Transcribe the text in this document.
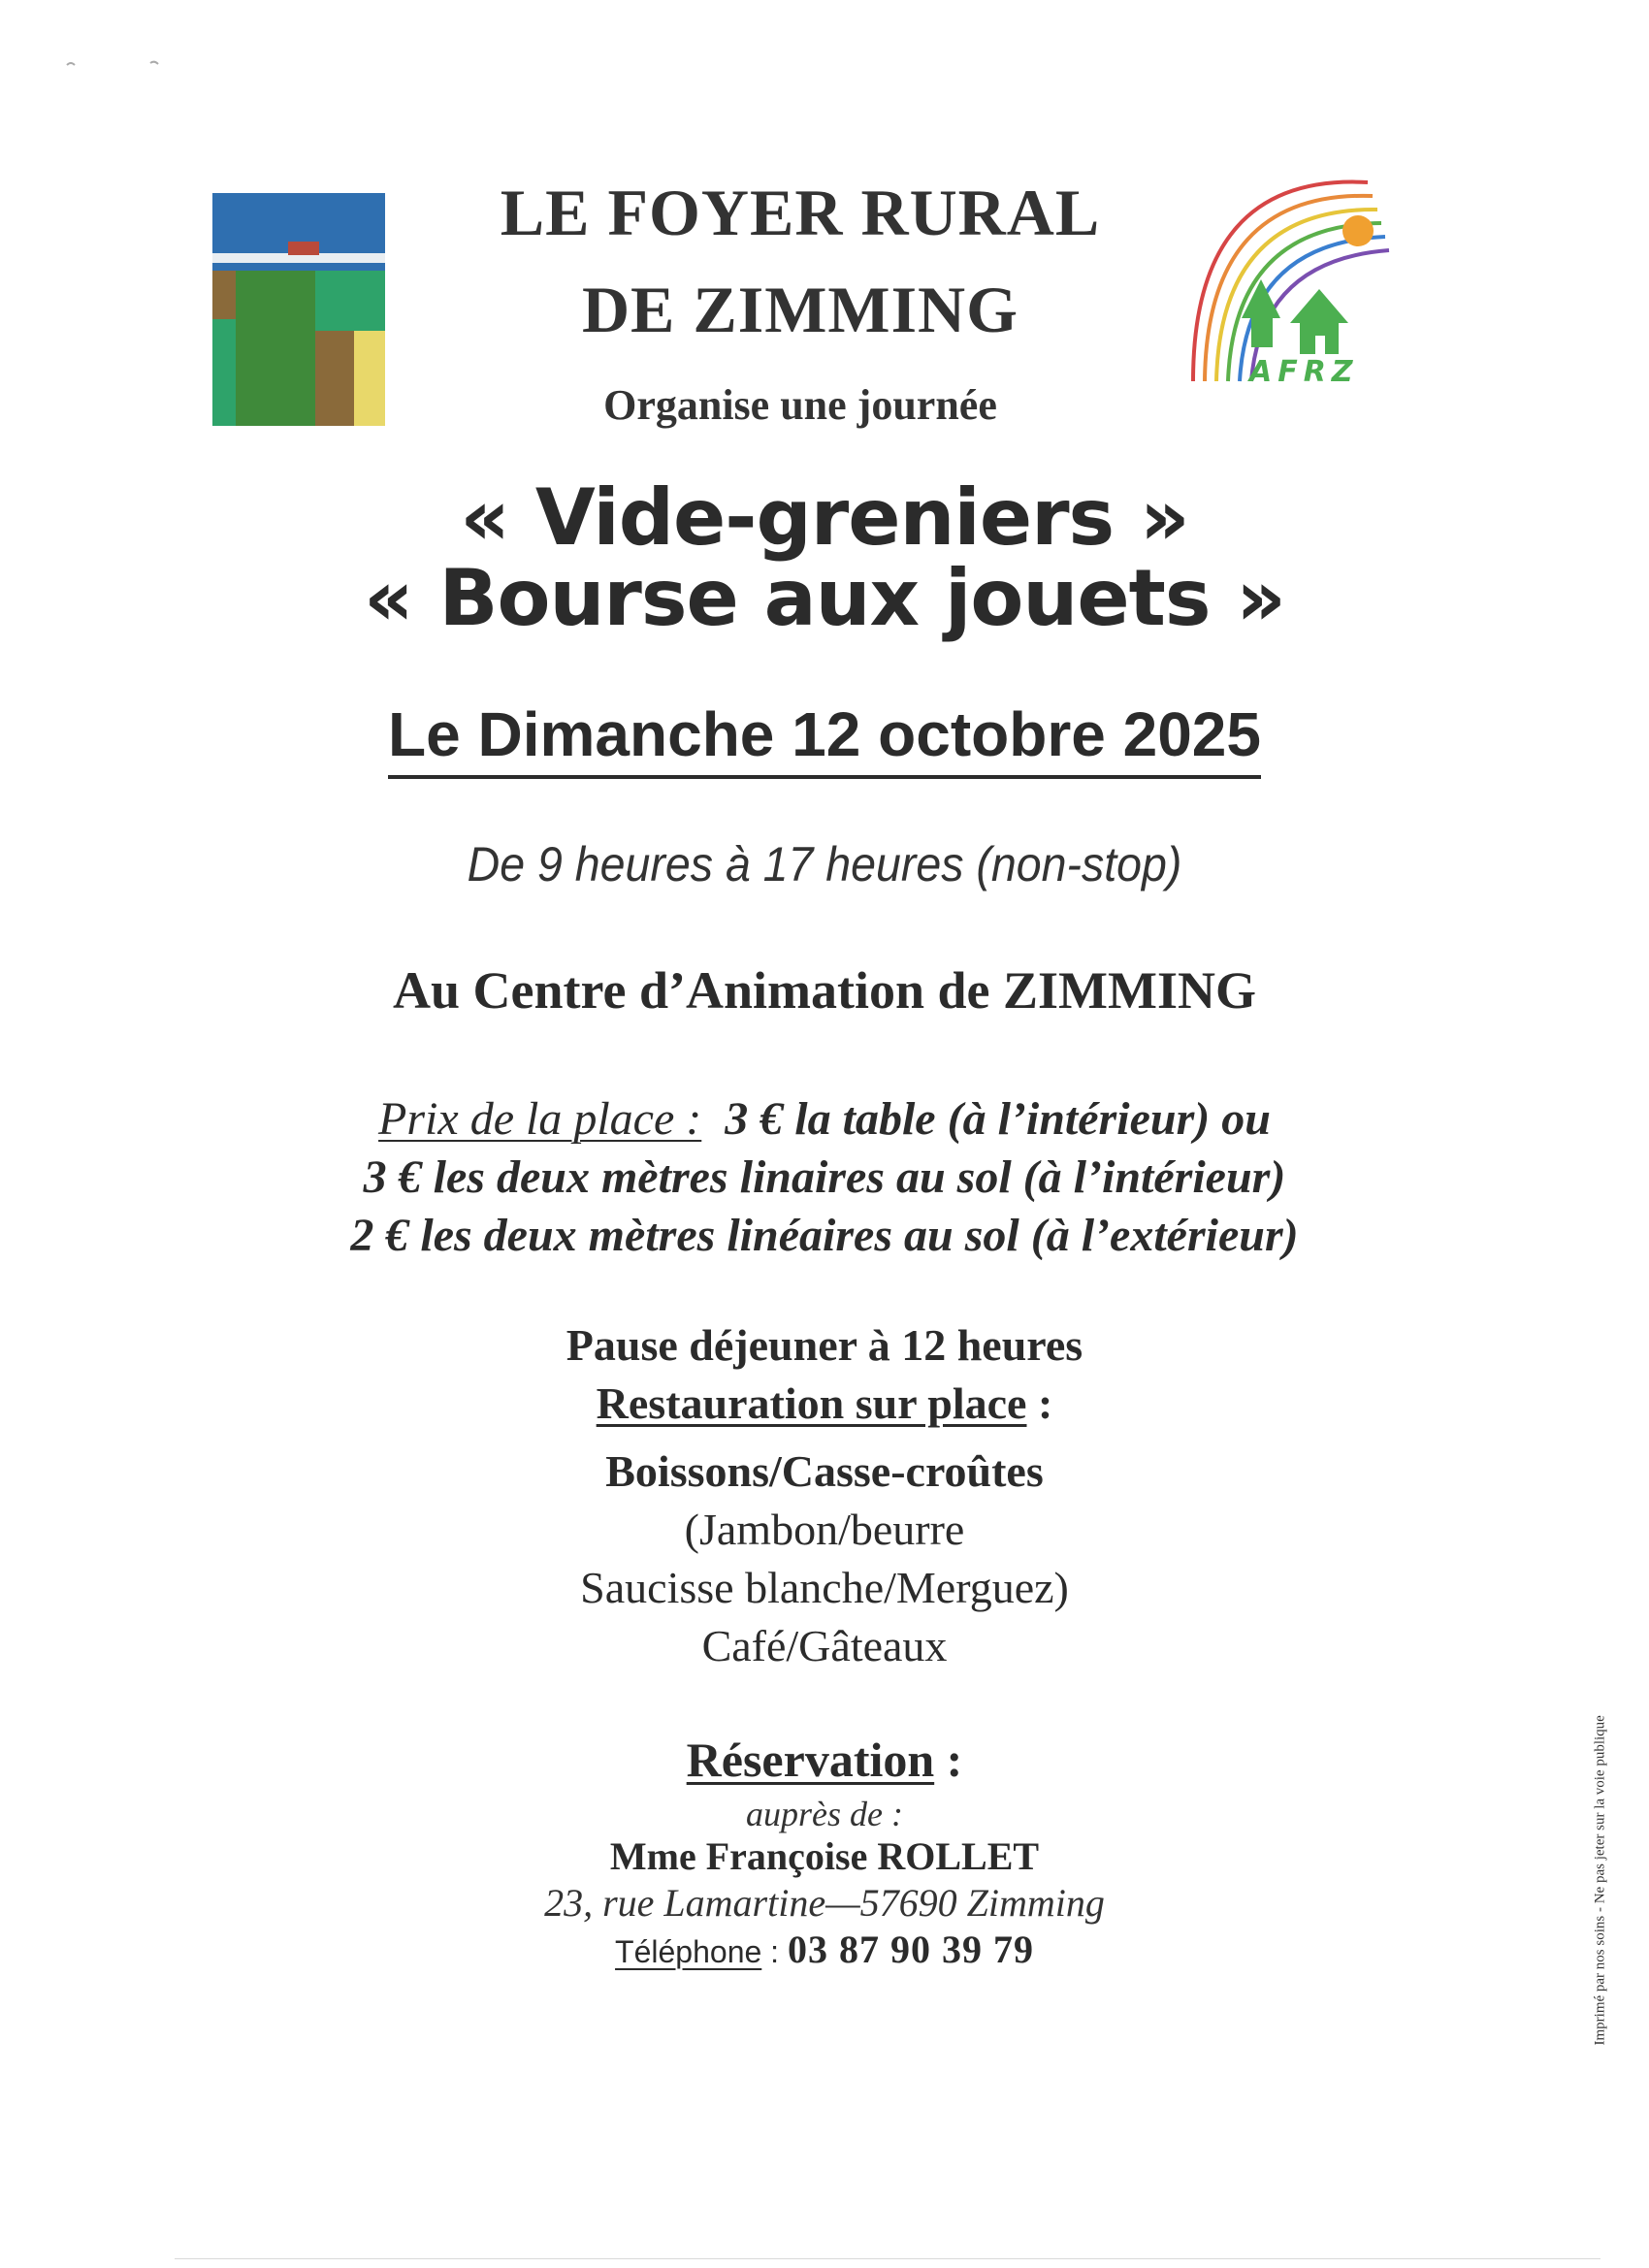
LE FOYER RURAL
DE ZIMMING
Organise une journée
AFRZ
« Vide-greniers »
« Bourse aux jouets »
Le Dimanche 12 octobre 2025
De 9 heures à 17 heures (non-stop)
Au Centre d’Animation de ZIMMING
Prix de la place : 3 € la table (à l’intérieur) ou
3 € les deux mètres linaires au sol (à l’intérieur)
2 € les deux mètres linéaires au sol (à l’extérieur)
Pause déjeuner à 12 heures
Restauration sur place :
Boissons/Casse-croûtes
(Jambon/beurre
Saucisse blanche/Merguez)
Café/Gâteaux
Réservation :
auprès de :
Mme Françoise ROLLET
23, rue Lamartine—57690 Zimming
Téléphone : 03 87 90 39 79	Imprimé par nos soins - Ne pas jeter sur la voie publique
